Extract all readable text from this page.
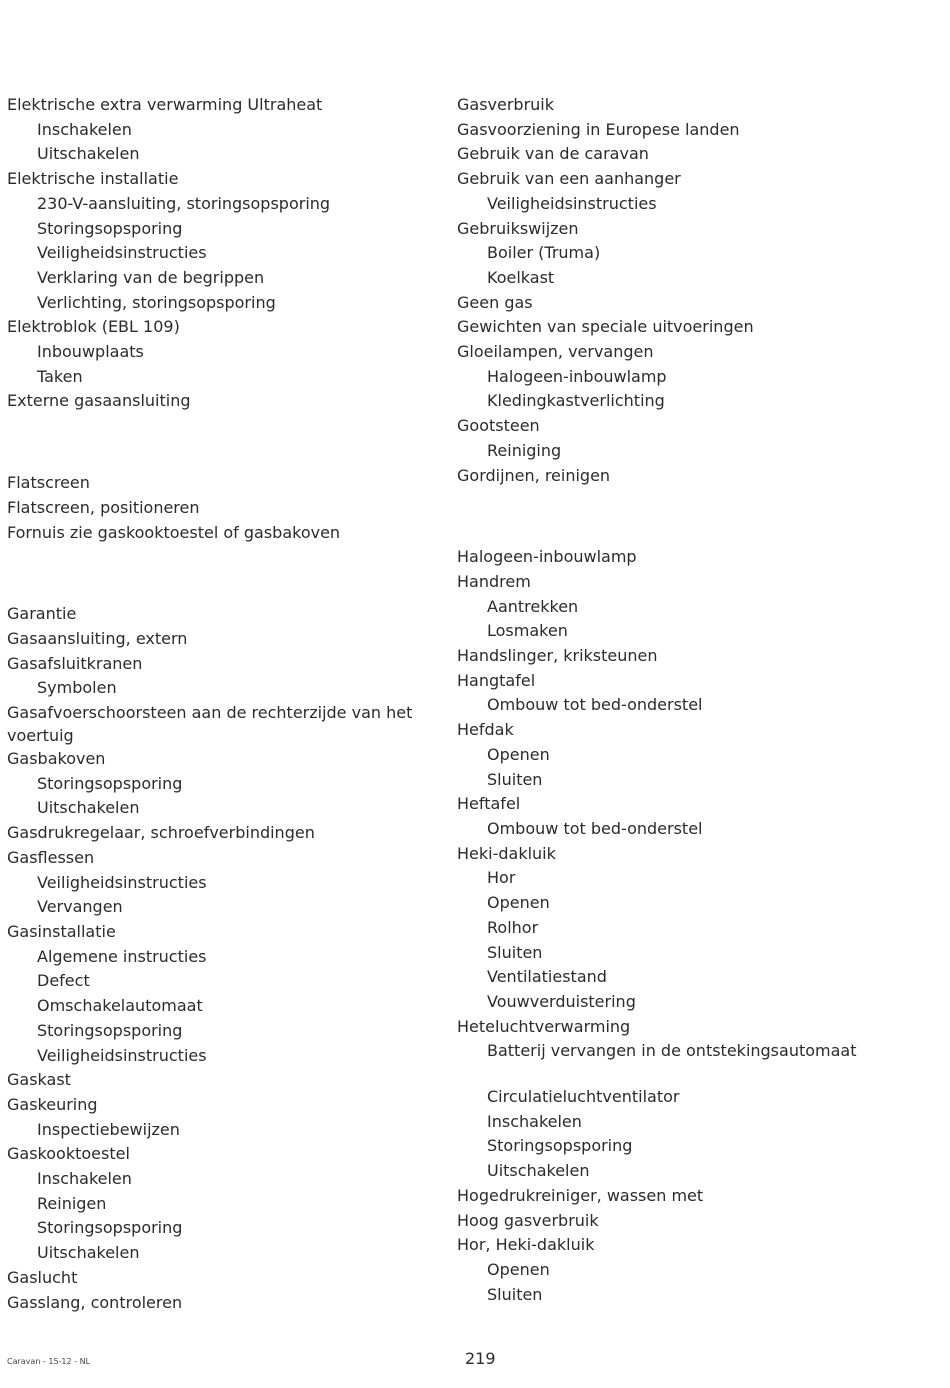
Elektrische extra verwarming Ultraheat
Inschakelen
Uitschakelen
Elektrische installatie
230-V-aansluiting, storingsopsporing
Storingsopsporing
Veiligheidsinstructies
Verklaring van de begrippen
Verlichting, storingsopsporing
Elektroblok (EBL 109)
Inbouwplaats
Taken
Externe gasaansluiting
Flatscreen
Flatscreen, positioneren
Fornuis zie gaskooktoestel of gasbakoven
Garantie
Gasaansluiting, extern
Gasafsluitkranen
Symbolen
Gasafvoerschoorsteen aan de rechterzijde van het voertuig
Gasbakoven
Storingsopsporing
Uitschakelen
Gasdrukregelaar, schroefverbindingen
Gasflessen
Veiligheidsinstructies
Vervangen
Gasinstallatie
Algemene instructies
Defect
Omschakelautomaat
Storingsopsporing
Veiligheidsinstructies
Gaskast
Gaskeuring
Inspectiebewijzen
Gaskooktoestel
Inschakelen
Reinigen
Storingsopsporing
Uitschakelen
Gaslucht
Gasslang, controleren
Gasverbruik
Gasvoorziening in Europese landen
Gebruik van de caravan
Gebruik van een aanhanger
Veiligheidsinstructies
Gebruikswijzen
Boiler (Truma)
Koelkast
Geen gas
Gewichten van speciale uitvoeringen
Gloeilampen, vervangen
Halogeen-inbouwlamp
Kledingkastverlichting
Gootsteen
Reiniging
Gordijnen, reinigen
Halogeen-inbouwlamp
Handrem
Aantrekken
Losmaken
Handslinger, kriksteunen
Hangtafel
Ombouw tot bed-onderstel
Hefdak
Openen
Sluiten
Heftafel
Ombouw tot bed-onderstel
Heki-dakluik
Hor
Openen
Rolhor
Sluiten
Ventilatiestand
Vouwverduistering
Heteluchtverwarming
Batterij vervangen in de ontstekingsautomaat
Circulatieluchtventilator
Inschakelen
Storingsopsporing
Uitschakelen
Hogedrukreiniger, wassen met
Hoog gasverbruik
Hor, Heki-dakluik
Openen
Sluiten
Caravan - 15-12 - NL	219
